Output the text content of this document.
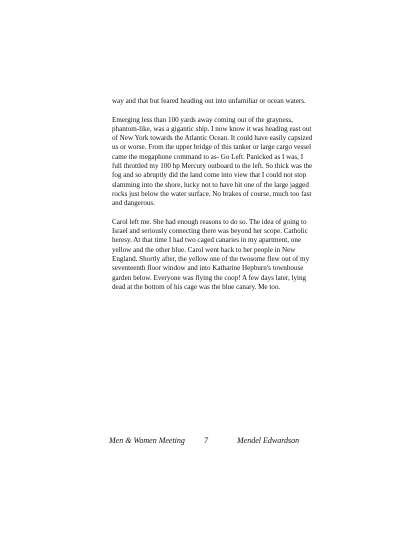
way and that but feared heading out into unfamiliar or ocean waters.

Emerging less than 100 yards away coming out of the grayness, phantom-like, was a gigantic ship. I now know it was heading east out of New York towards the Atlantic Ocean. It could have easily capsized us or worse. From the upper bridge of this tanker or large cargo vessel came the megaphone command to as- Go Left. Panicked as I was, I full throttled my 100 hp Mercury outboard to the left. So thick was the fog and so abruptly did the land come into view that I could not stop slamming into the shore, lucky not to have hit one of the large jagged rocks just below the water surface. No brakes of course, much too fast and dangerous.

Carol left me. She had enough reasons to do so. The idea of going to Israel and seriously connecting there was beyond her scope. Catholic heresy. At that time I had two caged canaries in my apartment, one yellow and the other blue. Carol went back to her people in New England. Shortly after, the yellow one of the twosome flew out of my seventeenth floor window and into Katharine Hepburn's townhouse garden below. Everyone was flying the coop! A few days later, lying dead at the bottom of his cage was the blue canary. Me too.

Men & Women Meeting 7	Mendel Edwardson
